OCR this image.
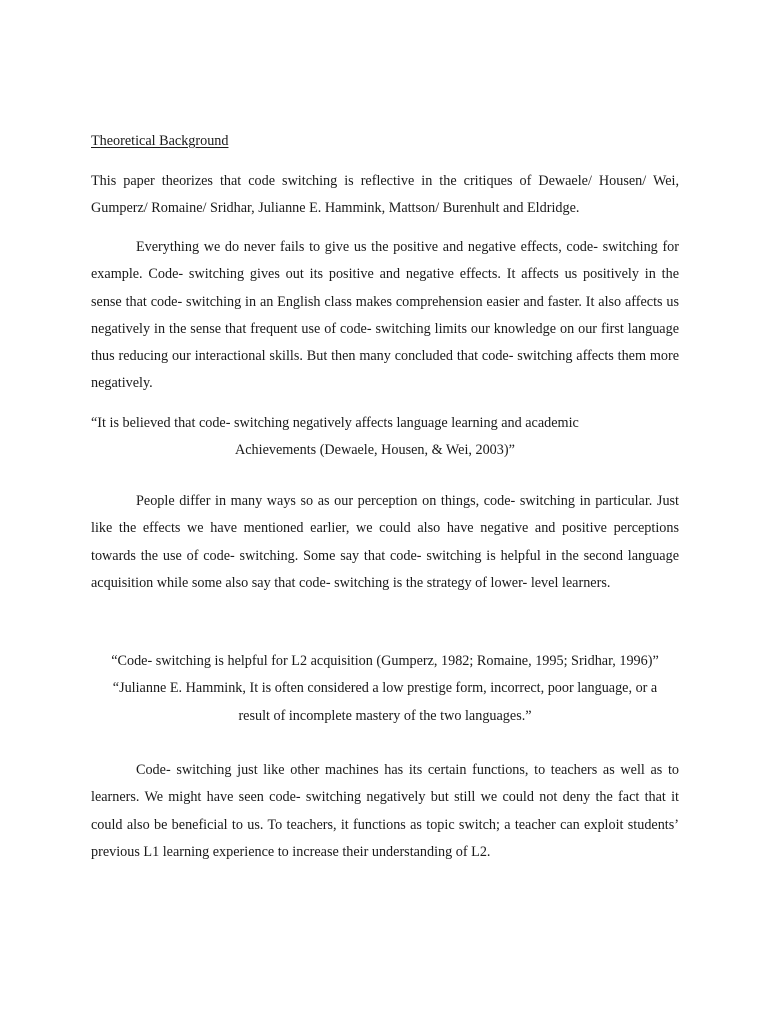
Theoretical Background
This paper theorizes that code switching is reflective in the critiques of Dewaele/ Housen/ Wei, Gumperz/ Romaine/ Sridhar, Julianne E. Hammink, Mattson/ Burenhult and Eldridge.
Everything we do never fails to give us the positive and negative effects, code- switching for example. Code- switching gives out its positive and negative effects. It affects us positively in the sense that code- switching in an English class makes comprehension easier and faster. It also affects us negatively in the sense that frequent use of code- switching limits our knowledge on our first language thus reducing our interactional skills. But then many concluded that code- switching affects them more negatively.
“It is believed that code- switching negatively affects language learning and academic
Achievements (Dewaele, Housen, & Wei, 2003)”
People differ in many ways so as our perception on things, code- switching in particular. Just like the effects we have mentioned earlier, we could also have negative and positive perceptions towards the use of code- switching. Some say that code- switching is helpful in the second language acquisition while some also say that code- switching is the strategy of lower- level learners.
“Code- switching is helpful for L2 acquisition (Gumperz, 1982; Romaine, 1995; Sridhar, 1996)”
“Julianne E. Hammink, It is often considered a low prestige form, incorrect, poor language, or a
result of incomplete mastery of the two languages.”
Code- switching just like other machines has its certain functions, to teachers as well as to learners. We might have seen code- switching negatively but still we could not deny the fact that it could also be beneficial to us. To teachers, it functions as topic switch; a teacher can exploit students’ previous L1 learning experience to increase their understanding of L2.
